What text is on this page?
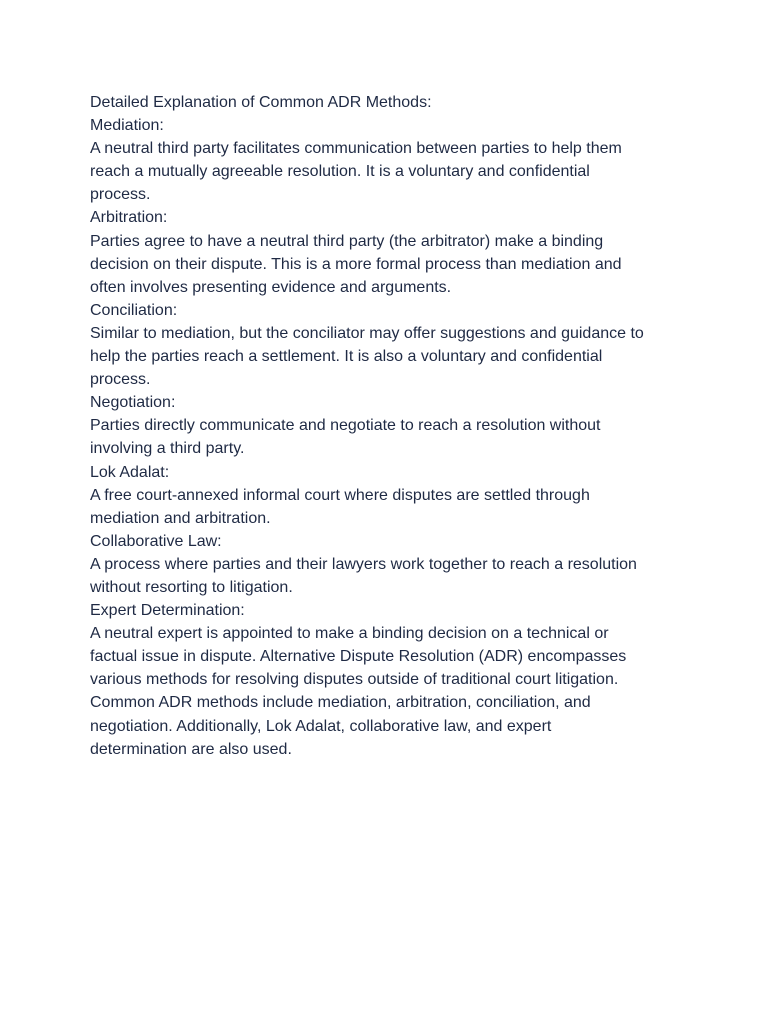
Detailed Explanation of Common ADR Methods:

Mediation:

A neutral third party facilitates communication between parties to help them

reach a mutually agreeable resolution. It is a voluntary and confidential

process.

Arbitration:

Parties agree to have a neutral third party (the arbitrator) make a binding

decision on their dispute. This is a more formal process than mediation and

often involves presenting evidence and arguments.

Conciliation:

Similar to mediation, but the conciliator may offer suggestions and guidance to

help the parties reach a settlement. It is also a voluntary and confidential

process.

Negotiation:

Parties directly communicate and negotiate to reach a resolution without

involving a third party.

Lok Adalat:

A free court-annexed informal court where disputes are settled through

mediation and arbitration.

Collaborative Law:

A process where parties and their lawyers work together to reach a resolution

without resorting to litigation.

Expert Determination:

A neutral expert is appointed to make a binding decision on a technical or

factual issue in dispute. Alternative Dispute Resolution (ADR) encompasses

various methods for resolving disputes outside of traditional court litigation.

Common ADR methods include mediation, arbitration, conciliation, and

negotiation. Additionally, Lok Adalat, collaborative law, and expert

determination are also used.
